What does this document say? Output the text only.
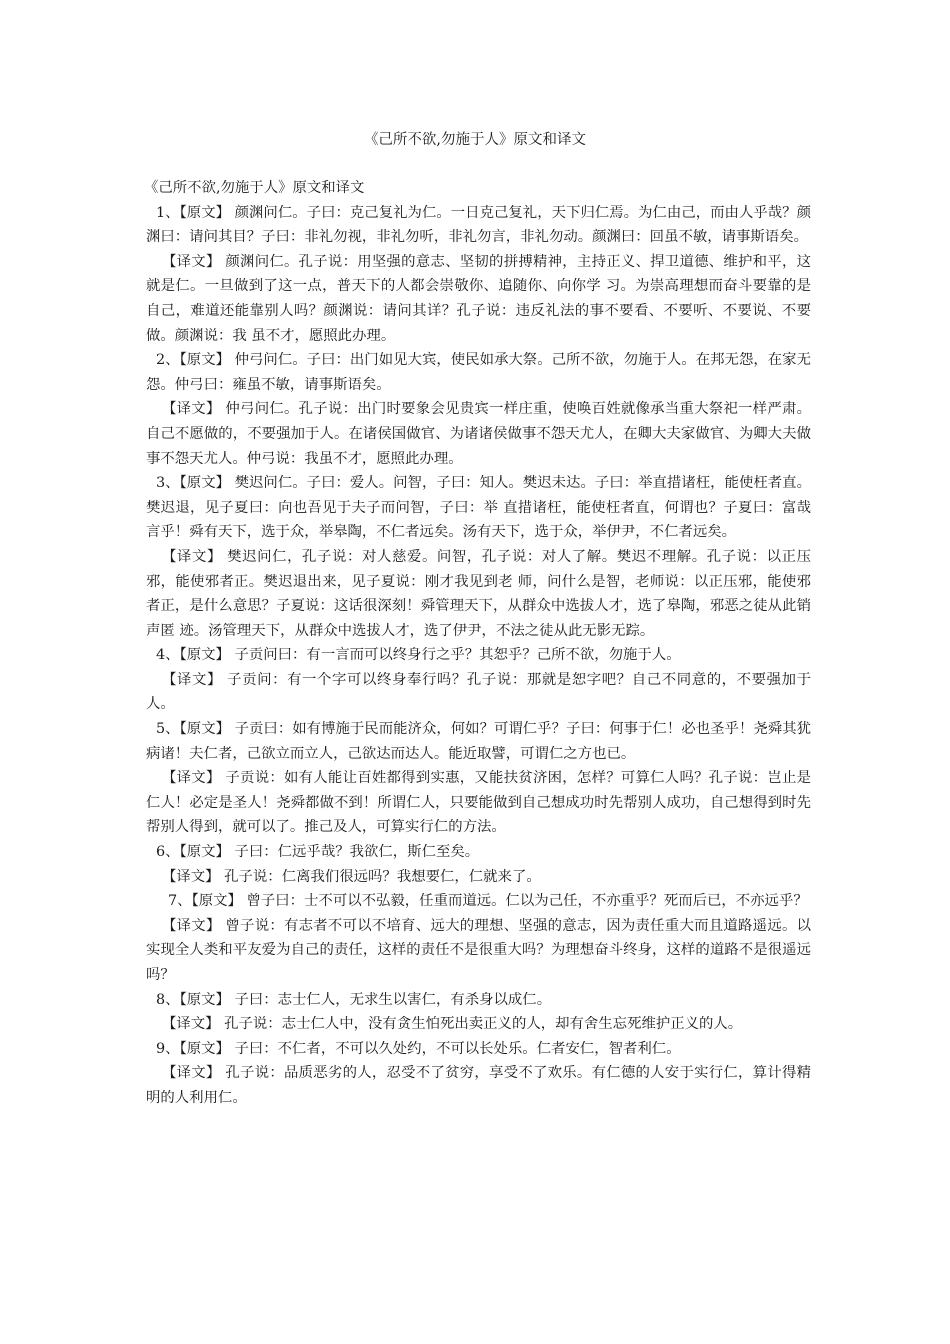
《己所不欲,勿施于人》原文和译文
《己所不欲,勿施于人》原文和译文

1、【原文】 颜渊问仁。子曰：克己复礼为仁。一日克己复礼，天下归仁焉。为仁由己，而由人乎哉？颜渊曰：请问其目？子曰：非礼勿视，非礼勿听，非礼勿言，非礼勿动。颜渊曰：回虽不敏，请事斯语矣。

【译文】 颜渊问仁。孔子说：用坚强的意志、坚韧的拼搏精神，主持正义、捍卫道德、维护和平，这就是仁。一旦做到了这一点，普天下的人都会崇敬你、追随你、向你学 习。为崇高理想而奋斗要靠的是自己，难道还能靠别人吗？颜渊说：请问其详？孔子说：违反礼法的事不要看、不要听、不要说、不要做。颜渊说：我 虽不才，愿照此办理。

2、【原文】 仲弓问仁。子曰：出门如见大宾，使民如承大祭。己所不欲，勿施于人。在邦无怨，在家无怨。仲弓曰：雍虽不敏，请事斯语矣。

【译文】 仲弓问仁。孔子说：出门时要象会见贵宾一样庄重，使唤百姓就像承当重大祭祀一样严肃。自己不愿做的，不要强加于人。在诸侯国做官、为诸诸侯做事不怨天尤人，在卿大夫家做官、为卿大夫做事不怨天尤人。仲弓说：我虽不才，愿照此办理。

3、【原文】 樊迟问仁。子曰：爱人。问智，子曰：知人。樊迟未达。子曰：举直措诸枉，能使枉者直。樊迟退，见子夏曰：向也吾见于夫子而问智，子曰：举 直措诸枉，能使枉者直，何谓也？子夏曰：富哉言乎！舜有天下，选于众，举皋陶，不仁者远矣。汤有天下，选于众，举伊尹，不仁者远矣。

【译文】 樊迟问仁，孔子说：对人慈爱。问智，孔子说：对人了解。樊迟不理解。孔子说：以正压邪，能使邪者正。樊迟退出来，见子夏说：刚才我见到老 师，问什么是智，老师说：以正压邪，能使邪者正，是什么意思？子夏说：这话很深刻！舜管理天下，从群众中选拔人才，选了皋陶，邪恶之徒从此销声匿 迹。汤管理天下，从群众中选拔人才，选了伊尹，不法之徒从此无影无踪。

4、【原文】 子贡问曰：有一言而可以终身行之乎？其恕乎？己所不欲，勿施于人。

【译文】 子贡问：有一个字可以终身奉行吗？孔子说：那就是恕字吧？自己不同意的，不要强加于人。

5、【原文】 子贡曰：如有博施于民而能济众，何如？可谓仁乎？子曰：何事于仁！必也圣乎！尧舜其犹病诸！夫仁者，己欲立而立人，己欲达而达人。能近取譬，可谓仁之方也已。

【译文】 子贡说：如有人能让百姓都得到实惠，又能扶贫济困，怎样？可算仁人吗？孔子说：岂止是仁人！必定是圣人！尧舜都做不到！所谓仁人，只要能做到自己想成功时先帮别人成功，自己想得到时先帮别人得到，就可以了。推己及人，可算实行仁的方法。

6、【原文】 子曰：仁远乎哉？我欲仁，斯仁至矣。

【译文】 孔子说：仁离我们很远吗？我想要仁，仁就来了。

7、【原文】 曾子曰：士不可以不弘毅，任重而道远。仁以为己任，不亦重乎？死而后已，不亦远乎？

【译文】 曾子说：有志者不可以不培育、远大的理想、坚强的意志，因为责任重大而且道路遥远。以实现全人类和平友爱为自己的责任，这样的责任不是很重大吗？为理想奋斗终身，这样的道路不是很遥远吗？

8、【原文】 子曰：志士仁人，无求生以害仁，有杀身以成仁。

【译文】 孔子说：志士仁人中，没有贪生怕死出卖正义的人，却有舍生忘死维护正义的人。

9、【原文】 子曰：不仁者，不可以久处约，不可以长处乐。仁者安仁，智者利仁。

【译文】 孔子说：品质恶劣的人，忍受不了贫穷，享受不了欢乐。有仁德的人安于实行仁，算计得精明的人利用仁。
